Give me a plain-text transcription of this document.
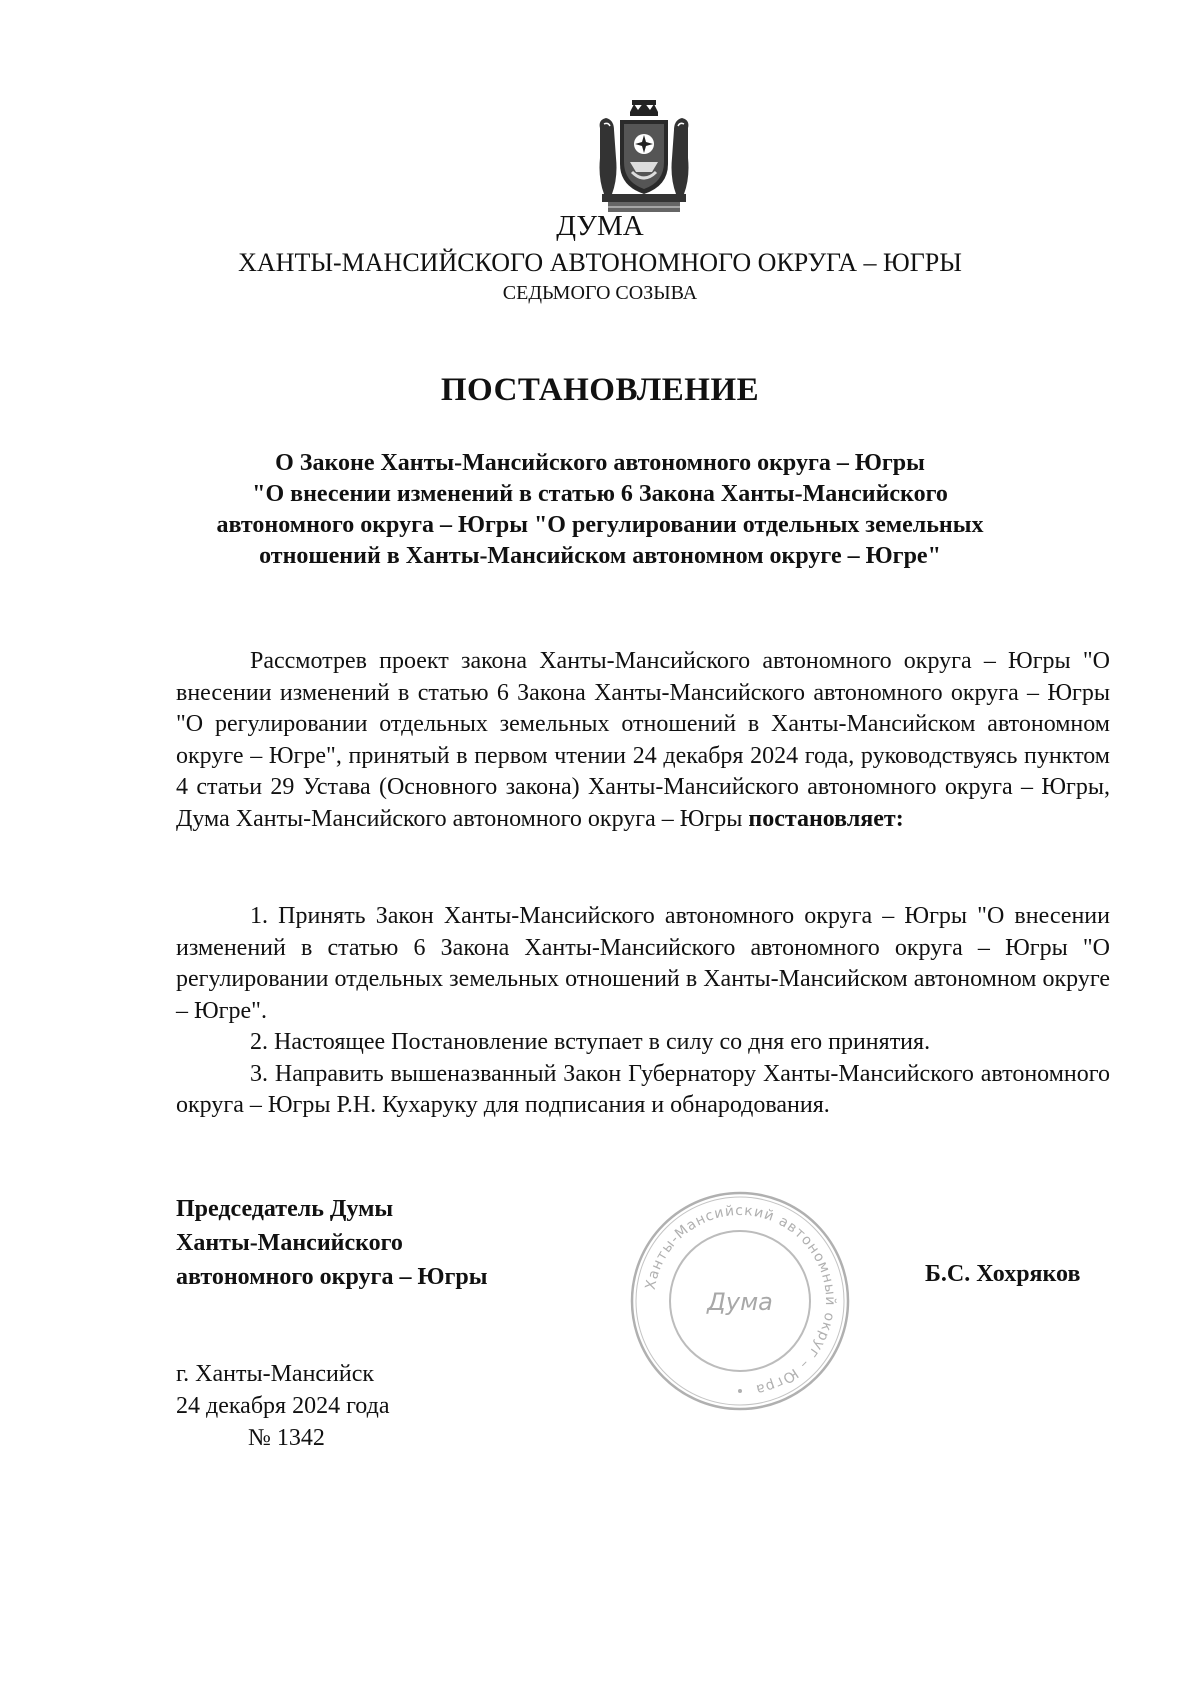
ДУМА
ХАНТЫ-МАНСИЙСКОГО АВТОНОМНОГО ОКРУГА – ЮГРЫ
СЕДЬМОГО СОЗЫВА
ПОСТАНОВЛЕНИЕ
О Законе Ханты-Мансийского автономного округа – Югры
"О внесении изменений в статью 6 Закона Ханты-Мансийского
автономного округа – Югры "О регулировании отдельных земельных
отношений в Ханты-Мансийском автономном округе – Югре"

Рассмотрев проект закона Ханты-Мансийского автономного округа – Югры "О внесении изменений в статью 6 Закона Ханты-Мансийского автономного округа – Югры "О регулировании отдельных земельных отношений в Ханты-Мансийском автономном округе – Югре", принятый в первом чтении 24 декабря 2024 года, руководствуясь пунктом 4 статьи 29 Устава (Основного закона) Ханты-Мансийского автономного округа – Югры, Дума Ханты-Мансийского автономного округа – Югры постановляет:

1. Принять Закон Ханты-Мансийского автономного округа – Югры "О внесении изменений в статью 6 Закона Ханты-Мансийского автономного округа – Югры "О регулировании отдельных земельных отношений в Ханты-Мансийском автономном округе – Югре".

2. Настоящее Постановление вступает в силу со дня его принятия.

3. Направить вышеназванный Закон Губернатору Ханты-Мансийского автономного округа – Югры Р.Н. Кухаруку для подписания и обнародования.

Председатель Думы
Ханты-Мансийского
автономного округа – Югры	Ханты-Мансийский автономный округ – Югра
Дума
Б.С. Хохряков
г. Ханты-Мансийск
24 декабря 2024 года
№ 1342
